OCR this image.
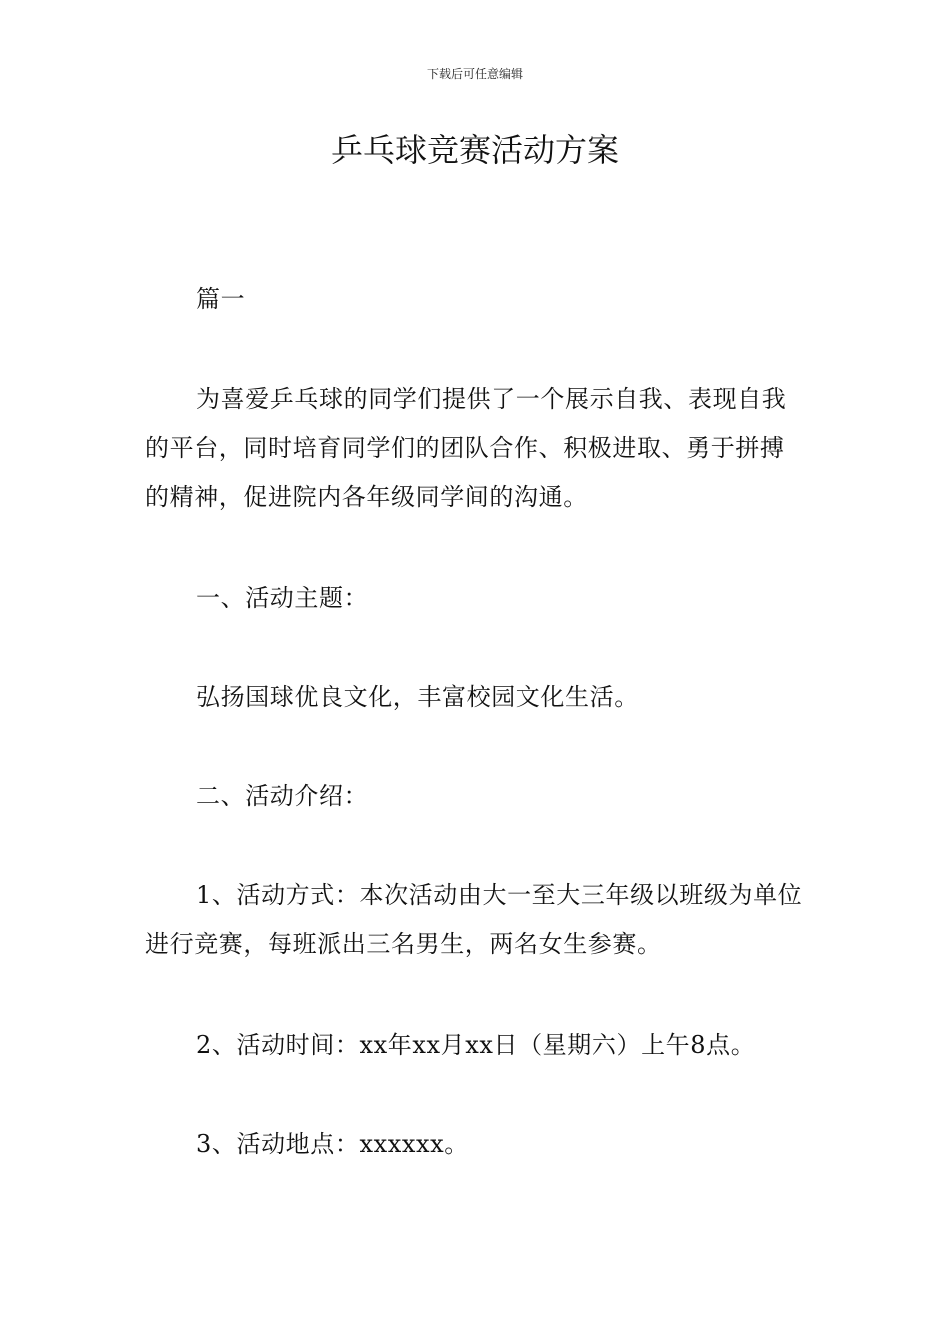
下载后可任意编辑
乒乓球竞赛活动方案

篇一

为喜爱乒乓球的同学们提供了一个展示自我、表现自我的平台，同时培育同学们的团队合作、积极进取、勇于拼搏的精神，促进院内各年级同学间的沟通。

一、活动主题：

弘扬国球优良文化，丰富校园文化生活。

二、活动介绍：

1、活动方式：本次活动由大一至大三年级以班级为单位进行竞赛，每班派出三名男生，两名女生参赛。

2、活动时间：xx年xx月xx日（星期六）上午8点。

3、活动地点：xxxxxx。
